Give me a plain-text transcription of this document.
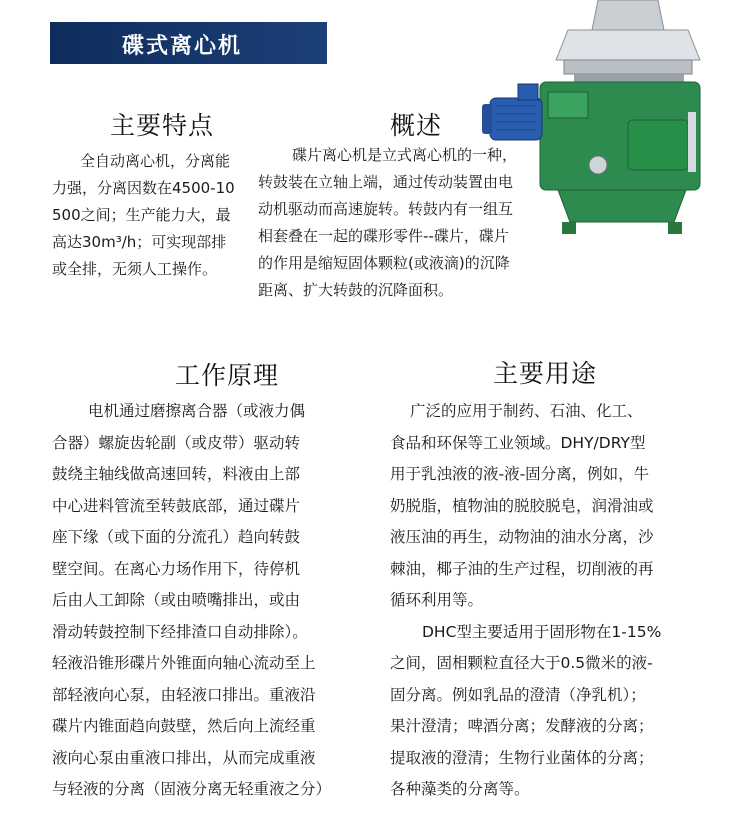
碟式离心机
主要特点
全自动离心机，分离能
力强，分离因数在4500-10
500之间；生产能力大，最
高达30m³/h；可实现部排
或全排，无须人工操作。
概述
碟片离心机是立式离心机的一种，
转鼓装在立轴上端，通过传动装置由电
动机驱动而高速旋转。转鼓内有一组互
相套叠在一起的碟形零件--碟片，碟片
的作用是缩短固体颗粒(或液滴)的沉降
距离、扩大转鼓的沉降面积。
工作原理
电机通过磨擦离合器（或液力偶
合器）螺旋齿轮副（或皮带）驱动转
鼓绕主轴线做高速回转，料液由上部
中心进料管流至转鼓底部，通过碟片
座下缘（或下面的分流孔）趋向转鼓
壁空间。在离心力场作用下，待停机
后由人工卸除（或由喷嘴排出，或由
滑动转鼓控制下经排渣口自动排除）。
轻液沿锥形碟片外锥面向轴心流动至上
部轻液向心泵，由轻液口排出。重液沿
碟片内锥面趋向鼓壁，然后向上流经重
液向心泵由重液口排出，从而完成重液
与轻液的分离（固液分离无轻重液之分）
主要用途
广泛的应用于制药、石油、化工、
食品和环保等工业领域。DHY/DRY型
用于乳浊液的液-液-固分离，例如，牛
奶脱脂，植物油的脱胶脱皂，润滑油或
液压油的再生，动物油的油水分离，沙
棘油，椰子油的生产过程，切削液的再
循环利用等。
DHC型主要适用于固形物在1-15%
之间，固相颗粒直径大于0.5微米的液-
固分离。例如乳品的澄清（净乳机）；
果汁澄清；啤酒分离；发酵液的分离；
提取液的澄清；生物行业菌体的分离；
各种藻类的分离等。
